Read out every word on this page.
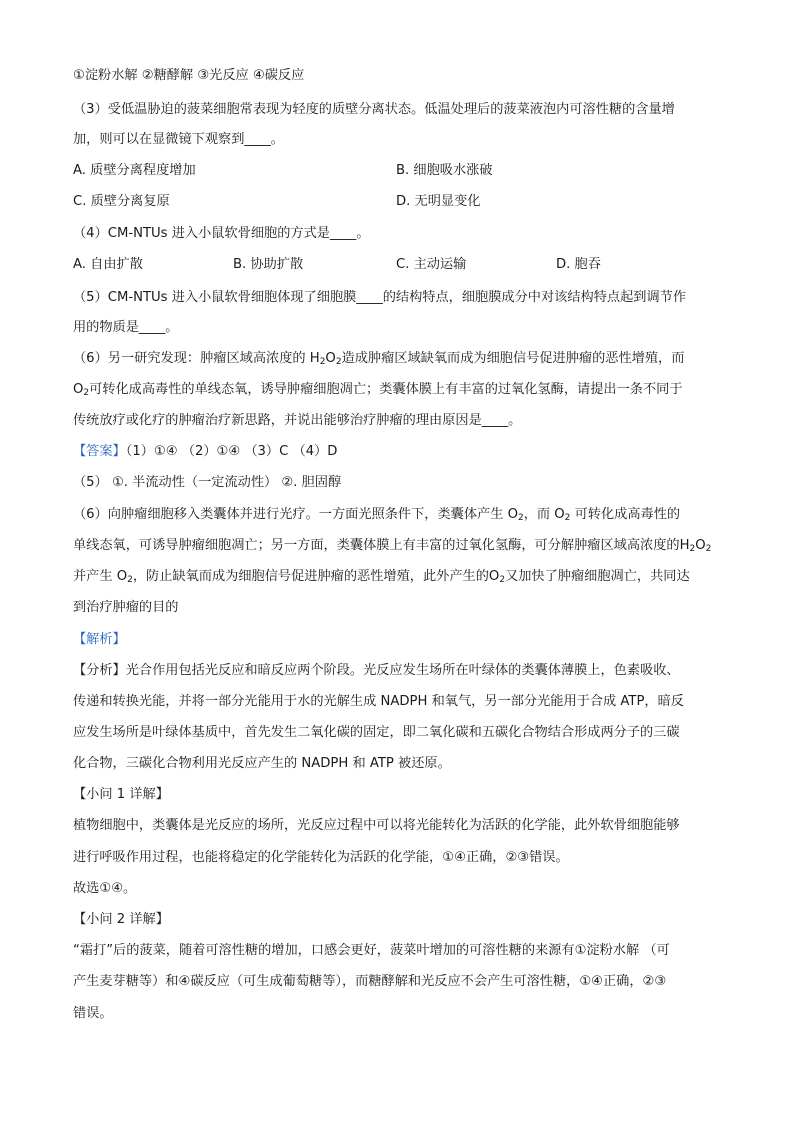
①淀粉水解 ②糖酵解 ③光反应 ④碳反应
（3）受低温胁迫的菠菜细胞常表现为轻度的质壁分离状态。低温处理后的菠菜液泡内可溶性糖的含量增
加，则可以在显微镜下观察到____。
A. 质壁分离程度增加	B. 细胞吸水涨破
C. 质壁分离复原	D. 无明显变化
（4）CM-NTUs 进入小鼠软骨细胞的方式是____。
A. 自由扩散	B. 协助扩散	C. 主动运输	D. 胞吞
（5）CM-NTUs 进入小鼠软骨细胞体现了细胞膜____的结构特点，细胞膜成分中对该结构特点起到调节作
用的物质是____。
（6）另一研究发现：肿瘤区域高浓度的 $H_2O_2$造成肿瘤区域缺氧而成为细胞信号促进肿瘤的恶性增殖，而
$O_2$可转化成高毒性的单线态氧，诱导肿瘤细胞凋亡；类囊体膜上有丰富的过氧化氢酶，请提出一条不同于
传统放疗或化疗的肿瘤治疗新思路，并说出能够治疗肿瘤的理由原因是____。
【答案】（1）①④ （2）①④ （3）C （4）D
（5） ①. 半流动性（一定流动性） ②. 胆固醇
（6）向肿瘤细胞移入类囊体并进行光疗。一方面光照条件下，类囊体产生 $O_2$，而 $O_2$ 可转化成高毒性的
单线态氧，可诱导肿瘤细胞凋亡；另一方面，类囊体膜上有丰富的过氧化氢酶，可分解肿瘤区域高浓度的$H_2O_2$
并产生 $O_2$，防止缺氧而成为细胞信号促进肿瘤的恶性增殖，此外产生的$O_2$又加快了肿瘤细胞凋亡，共同达
到治疗肿瘤的目的
【解析】
【分析】光合作用包括光反应和暗反应两个阶段。光反应发生场所在叶绿体的类囊体薄膜上，色素吸收、
传递和转换光能，并将一部分光能用于水的光解生成 NADPH 和氧气，另一部分光能用于合成 ATP，暗反
应发生场所是叶绿体基质中，首先发生二氧化碳的固定，即二氧化碳和五碳化合物结合形成两分子的三碳
化合物，三碳化合物利用光反应产生的 NADPH 和 ATP 被还原。
【小问 1 详解】
植物细胞中，类囊体是光反应的场所，光反应过程中可以将光能转化为活跃的化学能，此外软骨细胞能够
进行呼吸作用过程，也能将稳定的化学能转化为活跃的化学能，①④正确，②③错误。
故选①④。
【小问 2 详解】
“霜打”后的菠菜，随着可溶性糖的增加，口感会更好，菠菜叶增加的可溶性糖的来源有①淀粉水解 （可
产生麦芽糖等）和④碳反应（可生成葡萄糖等），而糖酵解和光反应不会产生可溶性糖，①④正确，②③
错误。
